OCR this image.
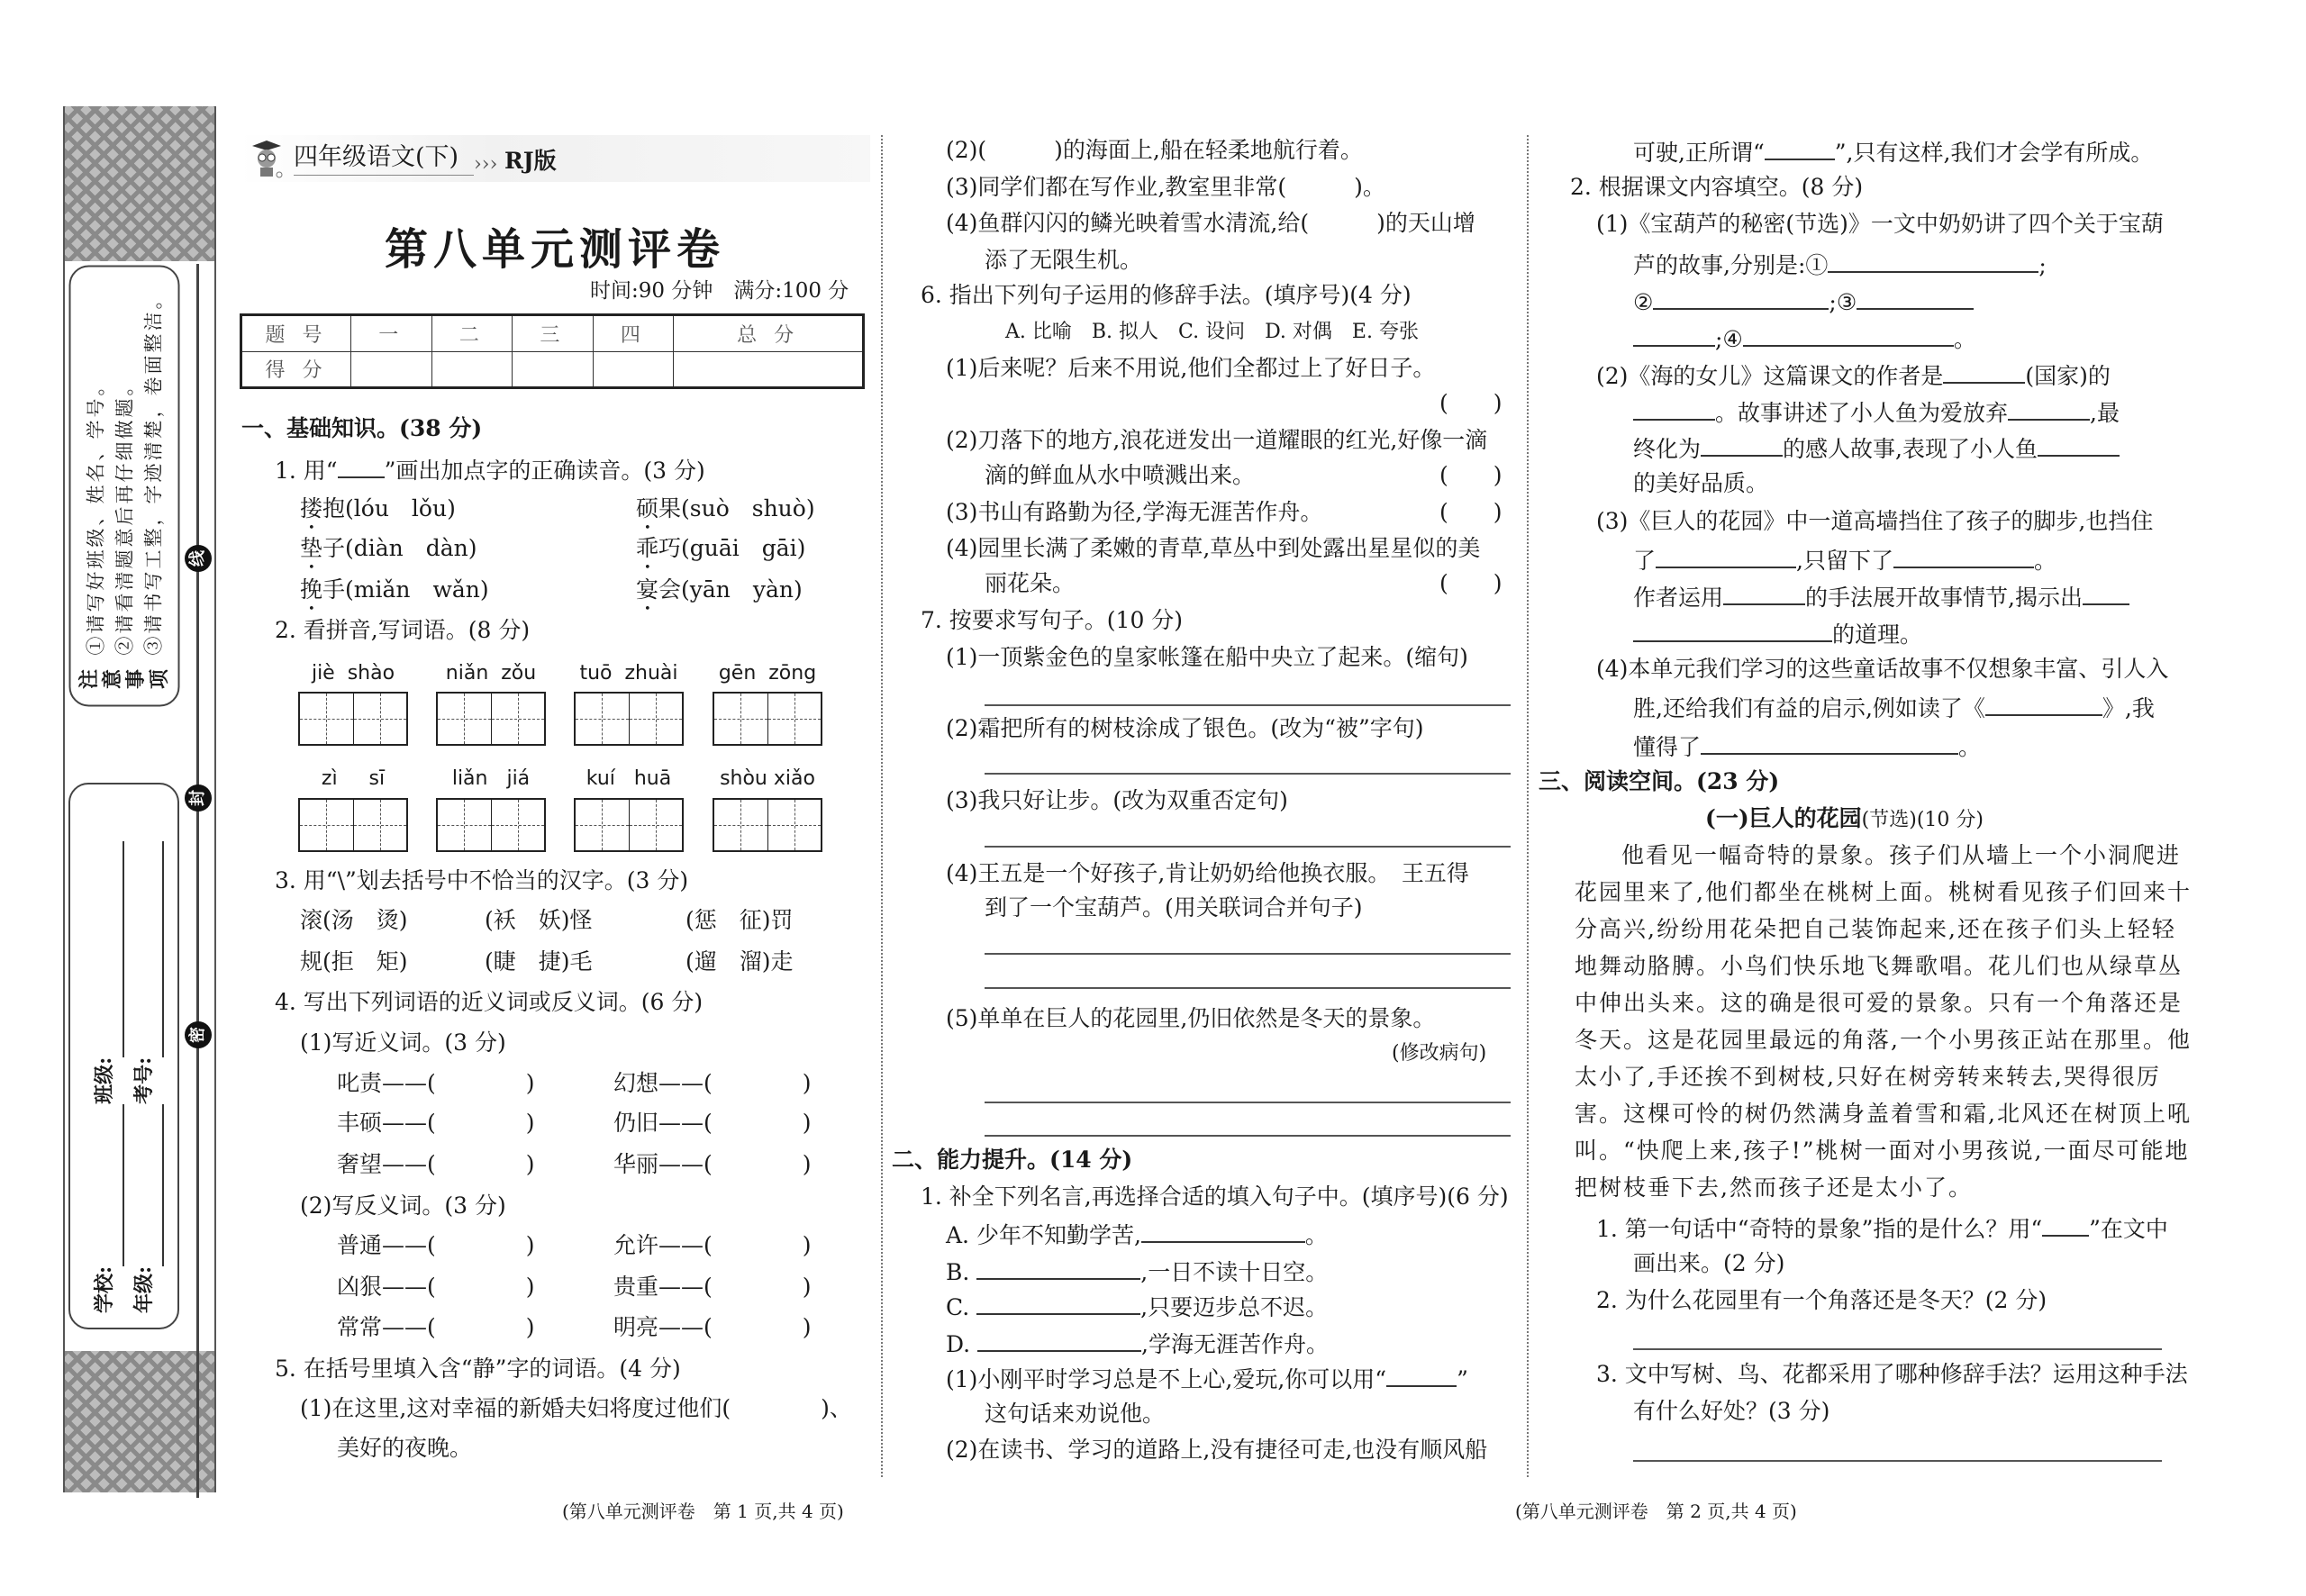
线
封
密
注意事项
①请写好班级、姓名、学号。 ②请看清题意后再仔细做题。 ③请书写工整，字迹清楚，卷面整洁。
学校:
班级:
年级:
考号:
四年级语文(下) ››› RJ版
第八单元测评卷
时间:90 分钟　满分:100 分
题 号	一	二	三	四	总 分
得 分					
一、基础知识。(38 分)
1. 用“ ”画出加点字的正确读音。(3 分)
搂抱(lóu　lǒu)	硕果(suò　shuò)
垫子(diàn　dàn)	乖巧(guāi　gāi)
挽手(miǎn　wǎn)	宴会(yān　yàn)
2. 看拼音,写词语。(8 分)
jiè  shào	niǎn  zǒu	tuō  zhuài	gēn  zōng
zì     sī	liǎn   jiá	kuí   huā	shòu xiǎo
3. 用“\”划去括号中不恰当的汉字。(3 分)
滚(汤　烫)	(袄　妖)怪	(惩　征)罚
规(拒　矩)	(睫　捷)毛	(遛　溜)走
4. 写出下列词语的近义词或反义词。(6 分)
(1)写近义词。(3 分)
叱责——(　　　　)	幻想——(　　　　)
丰硕——(　　　　)	仍旧——(　　　　)
奢望——(　　　　)	华丽——(　　　　)
(2)写反义词。(3 分)
普通——(　　　　)	允许——(　　　　)
凶狠——(　　　　)	贵重——(　　　　)
常常——(　　　　)	明亮——(　　　　)
5. 在括号里填入含“静”字的词语。(4 分)
(1)在这里,这对幸福的新婚夫妇将度过他们(　　　　)、
美好的夜晚。
(第八单元测评卷　第 1 页,共 4 页)
(2)(　　　)的海面上,船在轻柔地航行着。
(3)同学们都在写作业,教室里非常(　　　)。
(4)鱼群闪闪的鳞光映着雪水清流,给(　　　)的天山增
添了无限生机。
6. 指出下列句子运用的修辞手法。(填序号)(4 分)
A. 比喻　B. 拟人　C. 设问　D. 对偶　E. 夸张
(1)后来呢？后来不用说,他们全都过上了好日子。
(　　)
(2)刀落下的地方,浪花迸发出一道耀眼的红光,好像一滴
滴的鲜血从水中喷溅出来。	(　　)
(3)书山有路勤为径,学海无涯苦作舟。	(　　)
(4)园里长满了柔嫩的青草,草丛中到处露出星星似的美
丽花朵。	(　　)
7. 按要求写句子。(10 分)
(1)一顶紫金色的皇家帐篷在船中央立了起来。(缩句)
(2)霜把所有的树枝涂成了银色。(改为“被”字句)
(3)我只好让步。(改为双重否定句)
(4)王五是一个好孩子,肯让奶奶给他换衣服。　王五得
到了一个宝葫芦。(用关联词合并句子)
(5)单单在巨人的花园里,仍旧依然是冬天的景象。
(修改病句)
二、能力提升。(14 分)
1. 补全下列名言,再选择合适的填入句子中。(填序号)(6 分)
A. 少年不知勤学苦,	。
B.	,一日不读十日空。
C.	,只要迈步总不迟。
D.	,学海无涯苦作舟。
(1)小刚平时学习总是不上心,爱玩,你可以用“	”
这句话来劝说他。
(2)在读书、学习的道路上,没有捷径可走,也没有顺风船
(第八单元测评卷　第 2 页,共 4 页)
可驶,正所谓“	”,只有这样,我们才会学有所成。
2. 根据课文内容填空。(8 分)
(1)《宝葫芦的秘密(节选)》一文中奶奶讲了四个关于宝葫
芦的故事,分别是:①	;
②	;③
;④	。
(2)《海的女儿》这篇课文的作者是	(国家)的
。故事讲述了小人鱼为爱放弃	,最
终化为	的感人故事,表现了小人鱼
的美好品质。
(3)《巨人的花园》中一道高墙挡住了孩子的脚步,也挡住
了	,只留下了	。
作者运用	的手法展开故事情节,揭示出
的道理。
(4)本单元我们学习的这些童话故事不仅想象丰富、引人入
胜,还给我们有益的启示,例如读了《	》,我
懂得了	。
三、阅读空间。(23 分)
(一)巨人的花园(节选)(10 分)
他看见一幅奇特的景象。孩子们从墙上一个小洞爬进
花园里来了,他们都坐在桃树上面。桃树看见孩子们回来十
分高兴,纷纷用花朵把自己装饰起来,还在孩子们头上轻轻
地舞动胳膊。小鸟们快乐地飞舞歌唱。花儿们也从绿草丛
中伸出头来。这的确是很可爱的景象。只有一个角落还是
冬天。这是花园里最远的角落,一个小男孩正站在那里。他
太小了,手还挨不到树枝,只好在树旁转来转去,哭得很厉
害。这棵可怜的树仍然满身盖着雪和霜,北风还在树顶上吼
叫。“快爬上来,孩子!”桃树一面对小男孩说,一面尽可能地
把树枝垂下去,然而孩子还是太小了。
1. 第一句话中“奇特的景象”指的是什么？用“ ”在文中
画出来。(2 分)
2. 为什么花园里有一个角落还是冬天？(2 分)
3. 文中写树、鸟、花都采用了哪种修辞手法？运用这种手法
有什么好处？(3 分)
